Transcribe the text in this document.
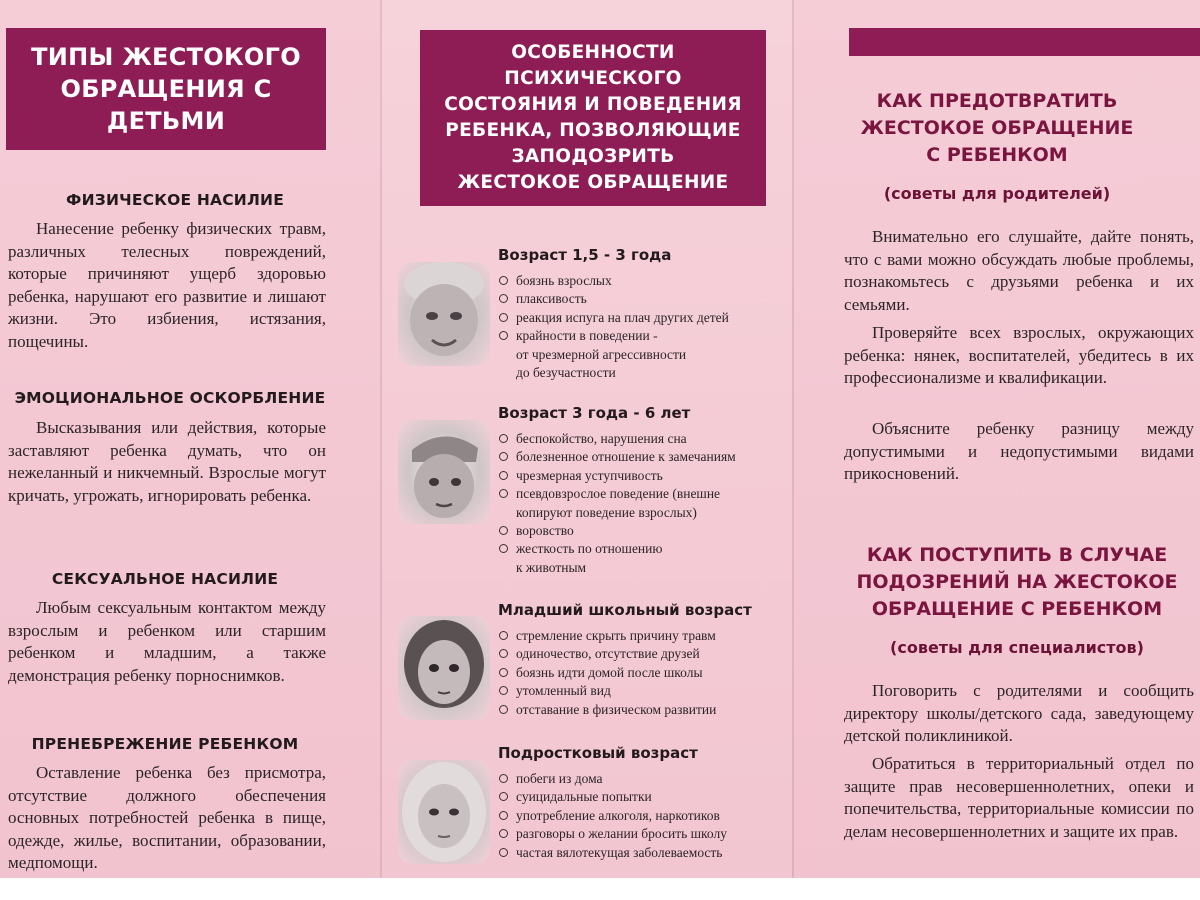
ТИПЫ ЖЕСТОКОГО
ОБРАЩЕНИЯ С ДЕТЬМИ
ФИЗИЧЕСКОЕ НАСИЛИЕ
Нанесение ребенку физических травм, различных телесных повреждений, которые причиняют ущерб здоровью ребенка, нарушают его развитие и лишают жизни. Это избиения, истязания, пощечины.
ЭМОЦИОНАЛЬНОЕ ОСКОРБЛЕНИЕ
Высказывания или действия, которые заставляют ребенка думать, что он нежеланный и никчемный. Взрослые могут кричать, угрожать, игнорировать ребенка.
СЕКСУАЛЬНОЕ НАСИЛИЕ
Любым сексуальным контактом между взрослым и ребенком или старшим ребенком и младшим, а также демонстрация ребенку порноснимков.
ПРЕНЕБРЕЖЕНИЕ РЕБЕНКОМ
Оставление ребенка без присмотра, отсутствие должного обеспечения основных потребностей ребенка в пище, одежде, жилье, воспитании, образовании, медпомощи.
ОСОБЕННОСТИ ПСИХИЧЕСКОГО
СОСТОЯНИЯ И ПОВЕДЕНИЯ
РЕБЕНКА, ПОЗВОЛЯЮЩИЕ
ЗАПОДОЗРИТЬ
ЖЕСТОКОЕ ОБРАЩЕНИЕ
Возраст 1,5 - 3 года
боязнь взрослых
плаксивость
реакция испуга на плач других детей
крайности в поведении -
от чрезмерной агрессивности
до безучастности
Возраст 3 года - 6 лет
беспокойство, нарушения сна
болезненное отношение к замечаниям
чрезмерная уступчивость
псевдовзрослое поведение (внешне
копируют поведение взрослых)
воровство
жесткость по отношению
к животным
Младший школьный возраст
стремление скрыть причину травм
одиночество, отсутствие друзей
боязнь идти домой после школы
утомленный вид
отставание в физическом развитии
Подростковый возраст
побеги из дома
суицидальные попытки
употребление алкоголя, наркотиков
разговоры о желании бросить школу
частая вялотекущая заболеваемость
КАК ПРЕДОТВРАТИТЬ
ЖЕСТОКОЕ ОБРАЩЕНИЕ
С РЕБЕНКОМ
(советы для родителей)
Внимательно его слушайте, дайте понять, что с вами можно обсуждать любые проблемы, познакомьтесь с друзьями ребенка и их семьями.
Проверяйте всех взрослых, окружающих ребенка: нянек, воспитателей, убедитесь в их профессионализме и квалификации.
Объясните ребенку разницу между допустимыми и недопустимыми видами прикосновений.
КАК ПОСТУПИТЬ В СЛУЧАЕ
ПОДОЗРЕНИЙ НА ЖЕСТОКОЕ
ОБРАЩЕНИЕ С РЕБЕНКОМ
(советы для специалистов)
Поговорить с родителями и сообщить директору школы/детского сада, заведующему детской поликлиникой.
Обратиться в территориальный отдел по защите прав несовершеннолетних, опеки и попечительства, территориальные комиссии по делам несовершеннолетних и защите их прав.
